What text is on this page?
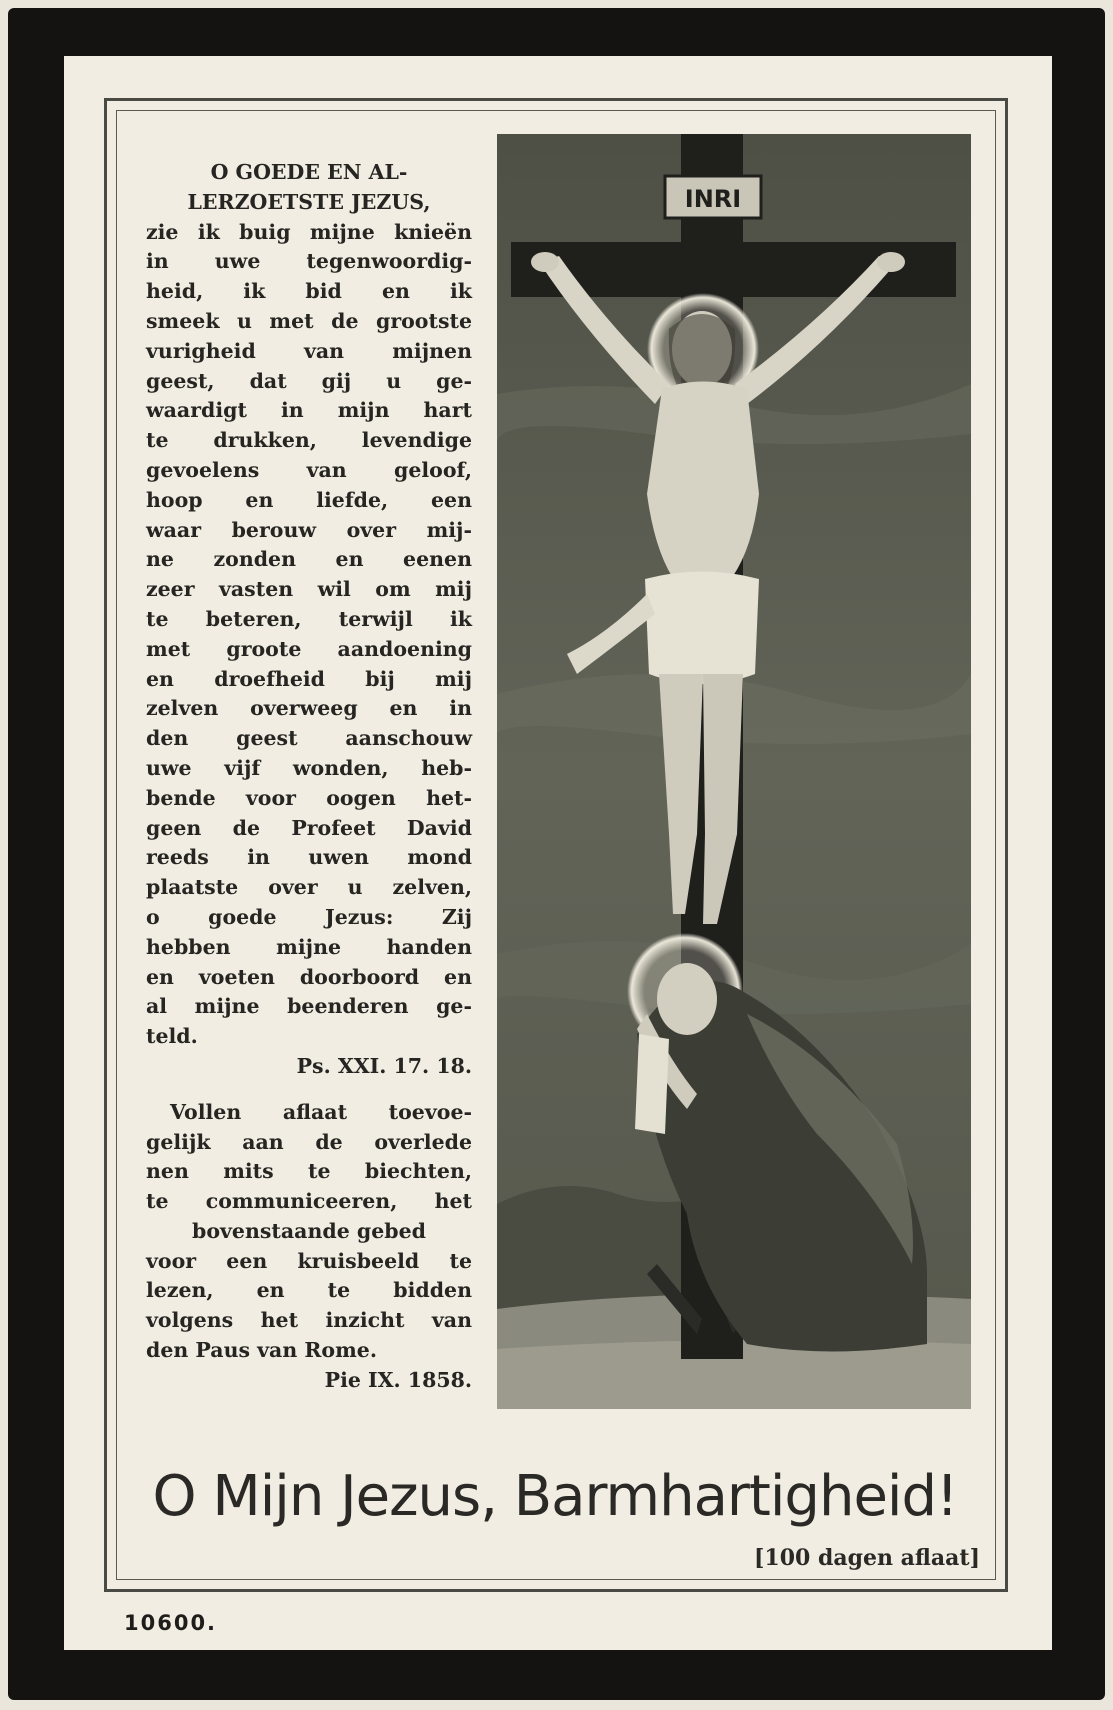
O GOEDE EN AL-
LERZOETSTE JEZUS,
zie ik buig mijne knieën
in uwe tegenwoordig-
heid, ik bid en ik
smeek u met de grootste
vurigheid van mijnen
geest, dat gij u ge-
waardigt in mijn hart
te drukken, levendige
gevoelens van geloof,
hoop en liefde, een
waar berouw over mij-
ne zonden en eenen
zeer vasten wil om mij
te beteren, terwijl ik
met groote aandoening
en droefheid bij mij
zelven overweeg en in
den geest aanschouw
uwe vijf wonden, heb-
bende voor oogen het-
geen de Profeet David
reeds in uwen mond
plaatste over u zelven,
o goede Jezus: Zij
hebben mijne handen
en voeten doorboord en
al mijne beenderen ge-
teld.
Ps. XXI. 17. 18.
Vollen aflaat toevoe-
gelijk aan de overlede
nen mits te biechten,
te communiceeren, het
bovenstaande gebed
voor een kruisbeeld te
lezen, en te bidden
volgens het inzicht van
den Paus van Rome.
Pie IX. 1858.
INRI
O Mijn Jezus, Barmhartigheid!
[100 dagen aflaat]
10600.
